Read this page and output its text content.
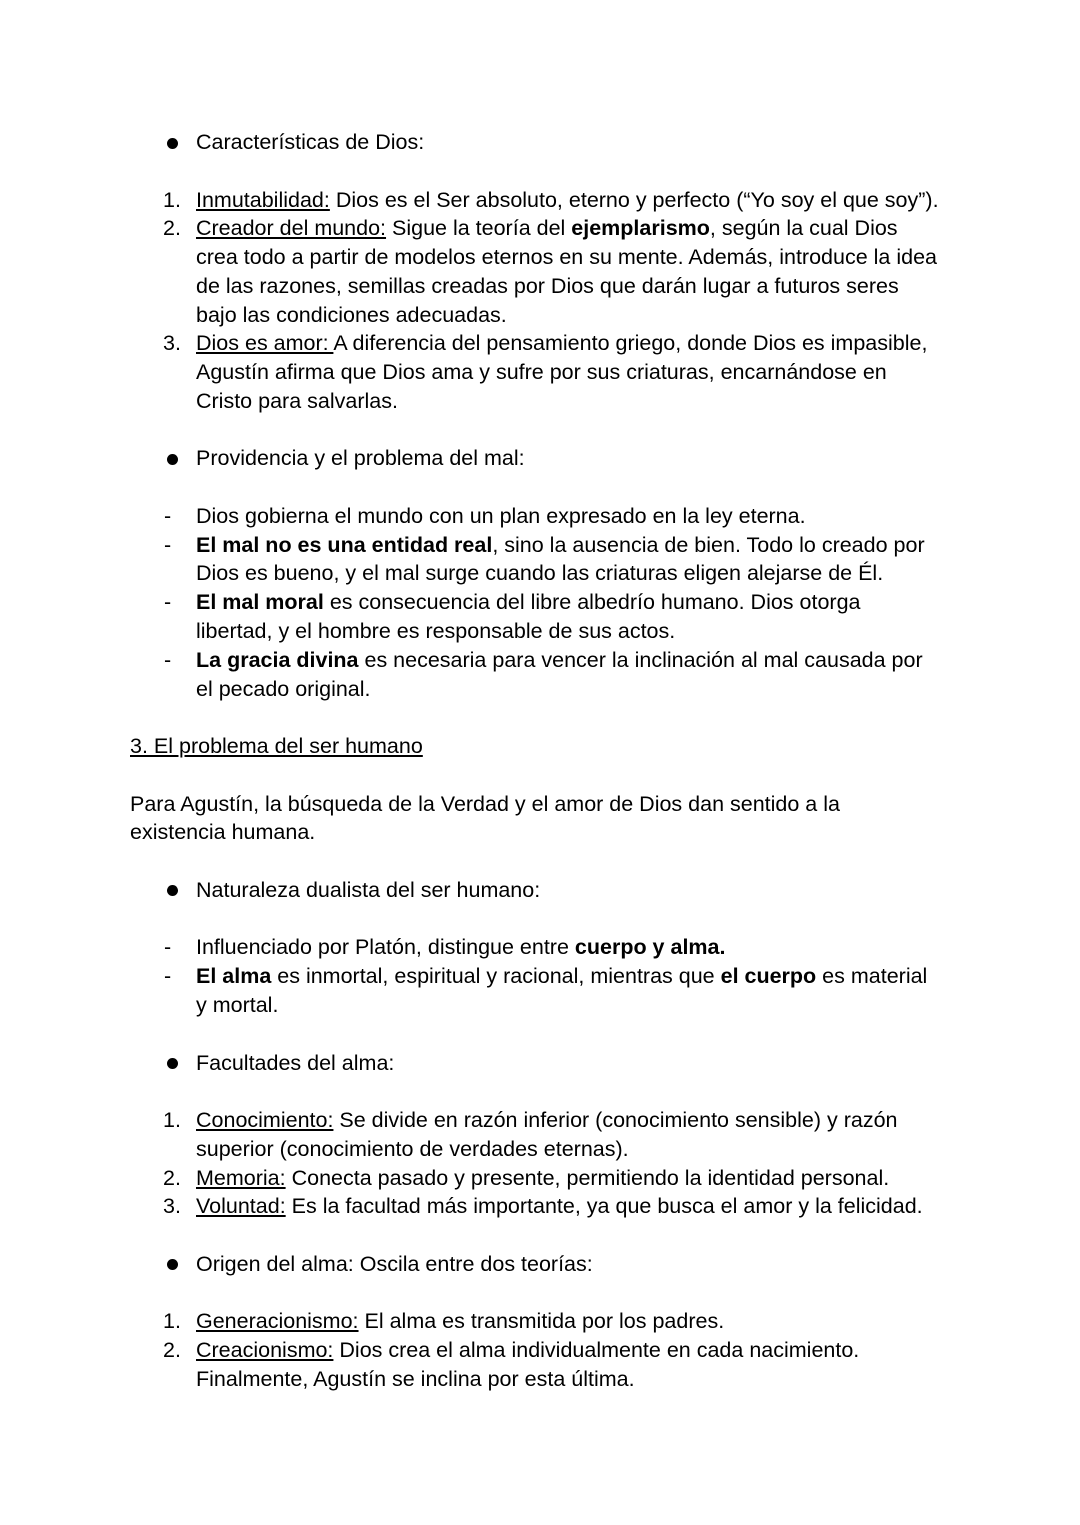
Características de Dios:
1. Inmutabilidad: Dios es el Ser absoluto, eterno y perfecto (“Yo soy el que soy”).
2. Creador del mundo: Sigue la teoría del ejemplarismo, según la cual Dios
crea todo a partir de modelos eternos en su mente. Además, introduce la idea
de las razones, semillas creadas por Dios que darán lugar a futuros seres
bajo las condiciones adecuadas.
3. Dios es amor: A diferencia del pensamiento griego, donde Dios es impasible,
Agustín afirma que Dios ama y sufre por sus criaturas, encarnándose en
Cristo para salvarlas.
Providencia y el problema del mal:
- Dios gobierna el mundo con un plan expresado en la ley eterna.
- El mal no es una entidad real, sino la ausencia de bien. Todo lo creado por
Dios es bueno, y el mal surge cuando las criaturas eligen alejarse de Él.
- El mal moral es consecuencia del libre albedrío humano. Dios otorga
libertad, y el hombre es responsable de sus actos.
- La gracia divina es necesaria para vencer la inclinación al mal causada por
el pecado original.
3. El problema del ser humano
Para Agustín, la búsqueda de la Verdad y el amor de Dios dan sentido a la
existencia humana.
Naturaleza dualista del ser humano:
- Influenciado por Platón, distingue entre cuerpo y alma.
- El alma es inmortal, espiritual y racional, mientras que el cuerpo es material
y mortal.
Facultades del alma:
1. Conocimiento: Se divide en razón inferior (conocimiento sensible) y razón
superior (conocimiento de verdades eternas).
2. Memoria: Conecta pasado y presente, permitiendo la identidad personal.
3. Voluntad: Es la facultad más importante, ya que busca el amor y la felicidad.
Origen del alma: Oscila entre dos teorías:
1. Generacionismo: El alma es transmitida por los padres.
2. Creacionismo: Dios crea el alma individualmente en cada nacimiento.
Finalmente, Agustín se inclina por esta última.
